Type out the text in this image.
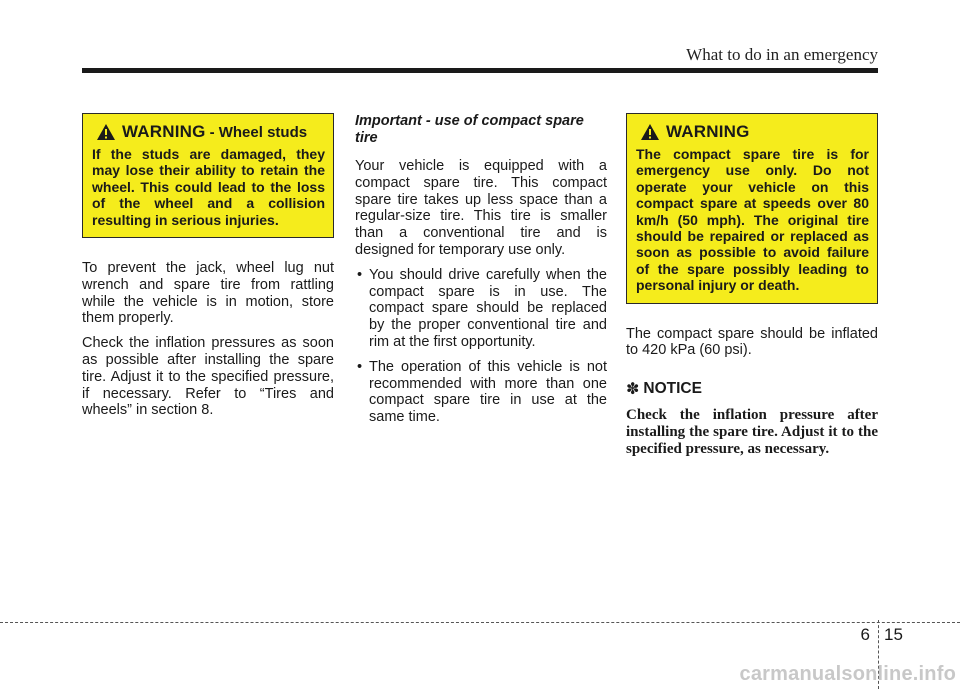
What to do in an emergency
WARNING - Wheel studs
If the studs are damaged, they may lose their ability to retain the wheel. This could lead to the loss of the wheel and a collision resulting in serious injuries.

To prevent the jack, wheel lug nut wrench and spare tire from rattling while the vehicle is in motion, store them properly.

Check the inflation pressures as soon as possible after installing the spare tire. Adjust it to the specified pressure, if necessary. Refer to “Tires and wheels” in section 8.

Important - use of compact spare tire

Your vehicle is equipped with a compact spare tire. This compact spare tire takes up less space than a regular-size tire. This tire is smaller than a conventional tire and is designed for temporary use only.

• You should drive carefully when the compact spare is in use. The compact spare should be replaced by the proper conventional tire and rim at the first opportunity.
• The operation of this vehicle is not recommended with more than one compact spare tire in use at the same time.
WARNING
The compact spare tire is for emergency use only. Do not operate your vehicle on this compact spare at speeds over 80 km/h (50 mph). The original tire should be repaired or replaced as soon as possible to avoid failure of the spare possibly leading to personal injury or death.

The compact spare should be inflated to 420 kPa (60 psi).

✽ NOTICE
Check the inflation pressure after installing the spare tire. Adjust it to the specified pressure, as necessary.
6 15
carmanualsonline.info
